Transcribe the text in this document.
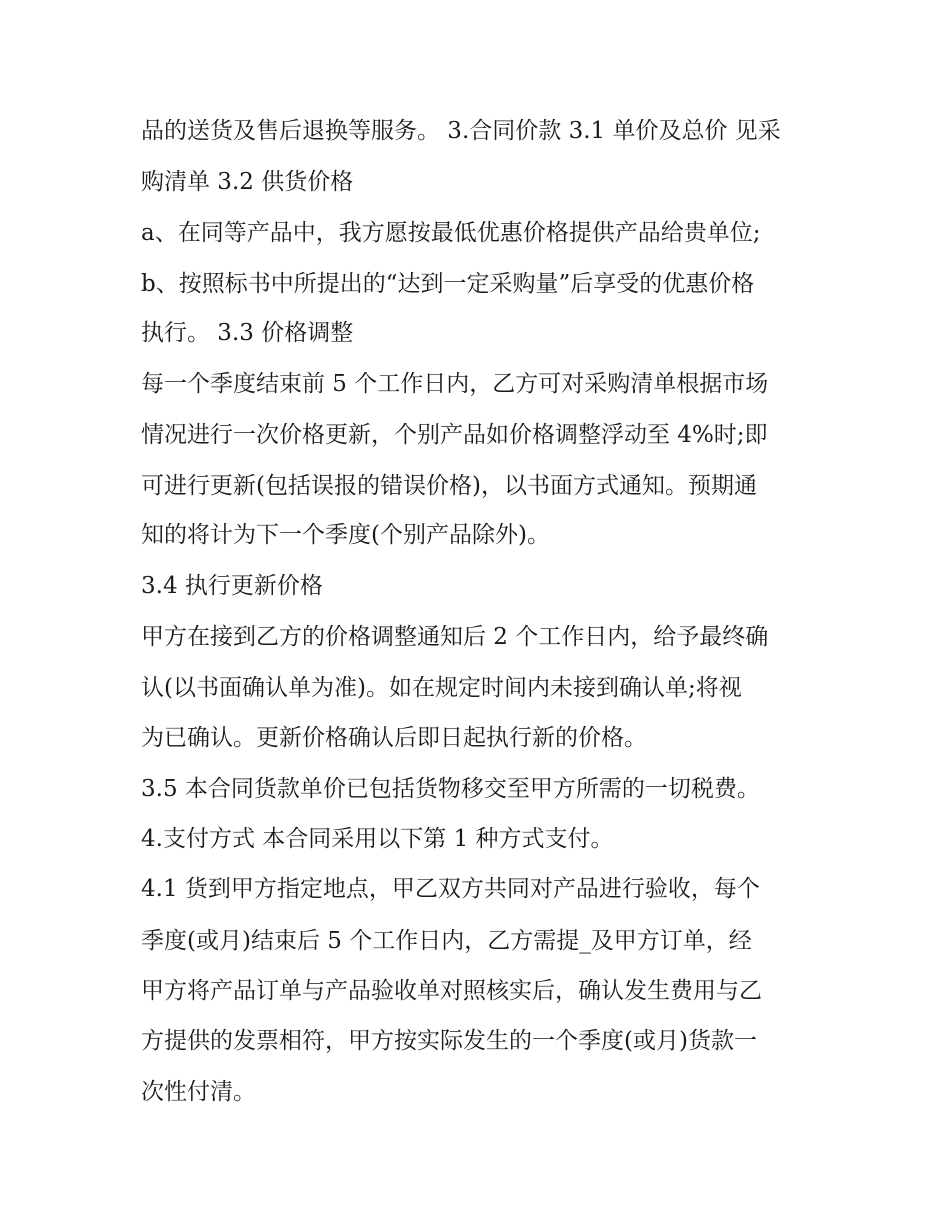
品的送货及售后退换等服务。 3.合同价款 3.1 单价及总价 见采
购清单 3.2 供货价格
a、在同等产品中，我方愿按最低优惠价格提供产品给贵单位;
b、按照标书中所提出的“达到一定采购量”后享受的优惠价格
执行。 3.3 价格调整
每一个季度结束前 5 个工作日内，乙方可对采购清单根据市场
情况进行一次价格更新，个别产品如价格调整浮动至 4%时;即
可进行更新(包括误报的错误价格)，以书面方式通知。预期通
知的将计为下一个季度(个别产品除外)。
3.4 执行更新价格
甲方在接到乙方的价格调整通知后 2 个工作日内，给予最终确
认(以书面确认单为准)。如在规定时间内未接到确认单;将视
为已确认。更新价格确认后即日起执行新的价格。
3.5 本合同货款单价已包括货物移交至甲方所需的一切税费。
4.支付方式 本合同采用以下第 1 种方式支付。
4.1 货到甲方指定地点，甲乙双方共同对产品进行验收，每个
季度(或月)结束后 5 个工作日内，乙方需提_及甲方订单，经
甲方将产品订单与产品验收单对照核实后，确认发生费用与乙
方提供的发票相符，甲方按实际发生的一个季度(或月)货款一
次性付清。
